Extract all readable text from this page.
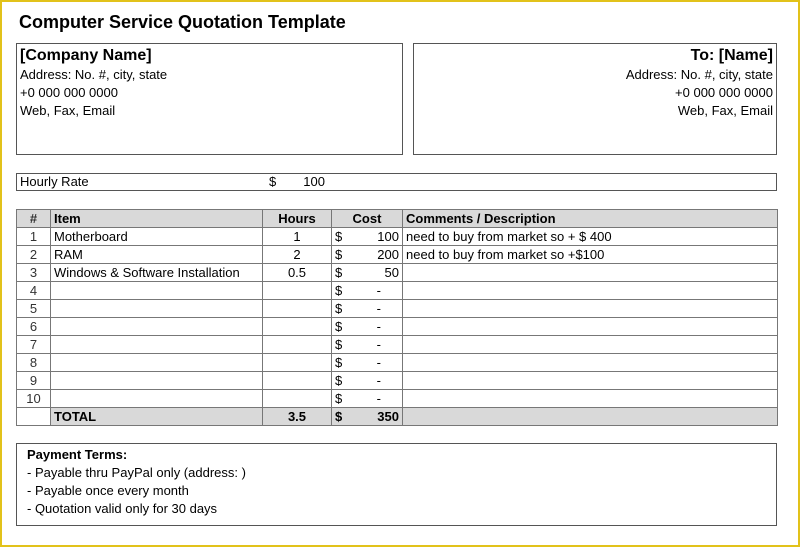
Computer Service Quotation Template
[Company Name]
Address: No. #, city, state
+0 000 000 0000
Web, Fax, Email
To: [Name]
Address: No. #, city, state
+0 000 000 0000
Web, Fax, Email
Hourly Rate	$	100
#	Item	Hours	Cost	Comments / Description
1	Motherboard	1	$ 100	need to buy from market so + $ 400
2	RAM	2	$ 200	need to buy from market so +$100
3	Windows & Software Installation	0.5	$ 50	

4			$ -	

5			$ -	

6			$ -	

7			$ -	

8			$ -	

9			$ -	

10			$ -	

	TOTAL	3.5	$ 350	

Payment Terms:
- Payable thru PayPal only (address: )
- Payable once every month
- Quotation valid only for 30 days
